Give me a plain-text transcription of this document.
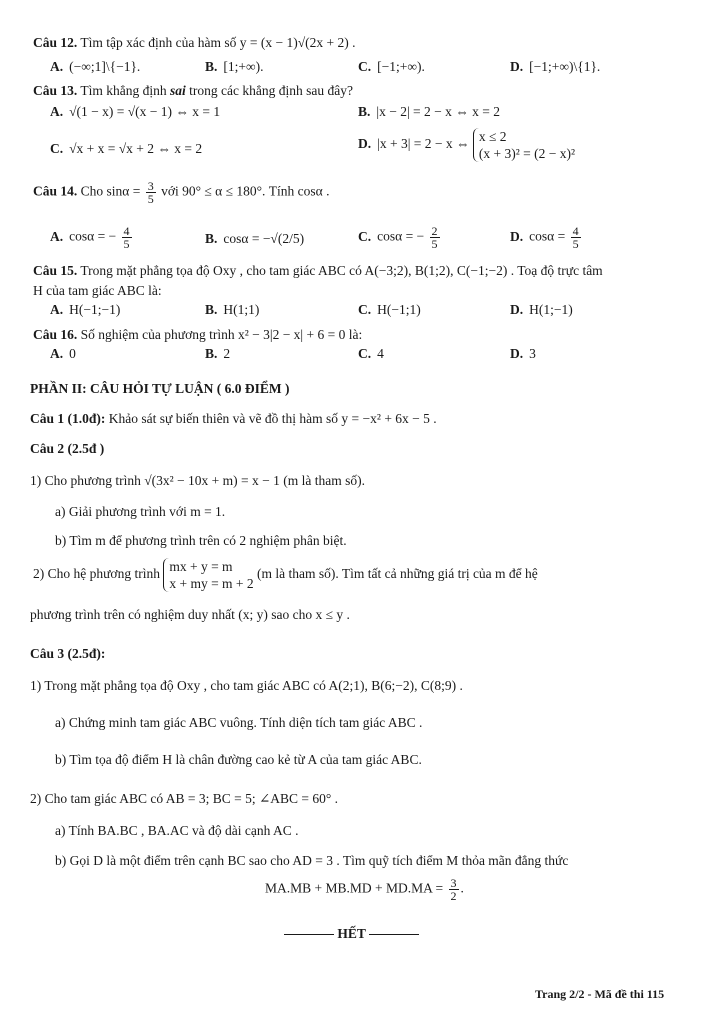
Câu 12. Tìm tập xác định của hàm số y = (x − 1)√(2x + 2) .
A. (−∞;1]\{−1}.	B. [1;+∞).	C. [−1;+∞).	D. [−1;+∞)\{1}.
Câu 13. Tìm khẳng định sai trong các khẳng định sau đây?
A. √(1 − x) = √(x − 1) ⇔ x = 1	B. |x − 2| = 2 − x ⇔ x = 2
C. √x + x = √x + 2 ⇔ x = 2	D. |x + 3| = 2 − x ⇔ x ≤ 2
(x + 3)² = (2 − x)²
Câu 14. Cho $\sin\alpha = \frac{3}{5}$ với 90° ≤ α ≤ 180°. Tính cosα .
A. cosα = − $\frac{4}{5}$	B. cosα = −√(2/5)	C. cosα = − $\frac{2}{5}$	D. $\cos\alpha = \frac{4}{5}$
Câu 15. Trong mặt phẳng tọa độ Oxy , cho tam giác ABC có A(−3;2), B(1;2), C(−1;−2) . Toạ độ trực tâm
H của tam giác ABC là:
A. H(−1;−1)	B. H(1;1)	C. H(−1;1)	D. H(1;−1)
Câu 16. Số nghiệm của phương trình x² − 3|2 − x| + 6 = 0 là:
A. 0	B. 2	C. 4	D. 3
PHẦN II: CÂU HỎI TỰ LUẬN ( 6.0 ĐIỂM )
Câu 1 (1.0đ): Khảo sát sự biến thiên và vẽ đồ thị hàm số y = −x² + 6x − 5 .
Câu 2 (2.5đ )
1) Cho phương trình √(3x² − 10x + m) = x − 1 (m là tham số).
a) Giải phương trình với m = 1.
b) Tìm m để phương trình trên có 2 nghiệm phân biệt.
2) Cho hệ phương trình mx + y = m
x + my = m + 2
(m là tham số). Tìm tất cả những giá trị của m để hệ
phương trình trên có nghiệm duy nhất (x; y) sao cho x ≤ y .
Câu 3 (2.5đ):
1) Trong mặt phẳng tọa độ Oxy , cho tam giác ABC có A(2;1), B(6;−2), C(8;9) .
a) Chứng minh tam giác ABC vuông. Tính diện tích tam giác ABC .
b) Tìm tọa độ điểm H là chân đường cao kẻ từ A của tam giác ABC.
2) Cho tam giác ABC có AB = 3; BC = 5; ∠ABC = 60° .
a) Tính BA.BC , BA.AC và độ dài cạnh AC .
b) Gọi D là một điểm trên cạnh BC sao cho AD = 3 . Tìm quỹ tích điểm M thỏa mãn đẳng thức
$MA.MB + MB.MD + MD.MA = \frac{3}{2}$ .
HẾT
Trang 2/2 - Mã đề thi 115
